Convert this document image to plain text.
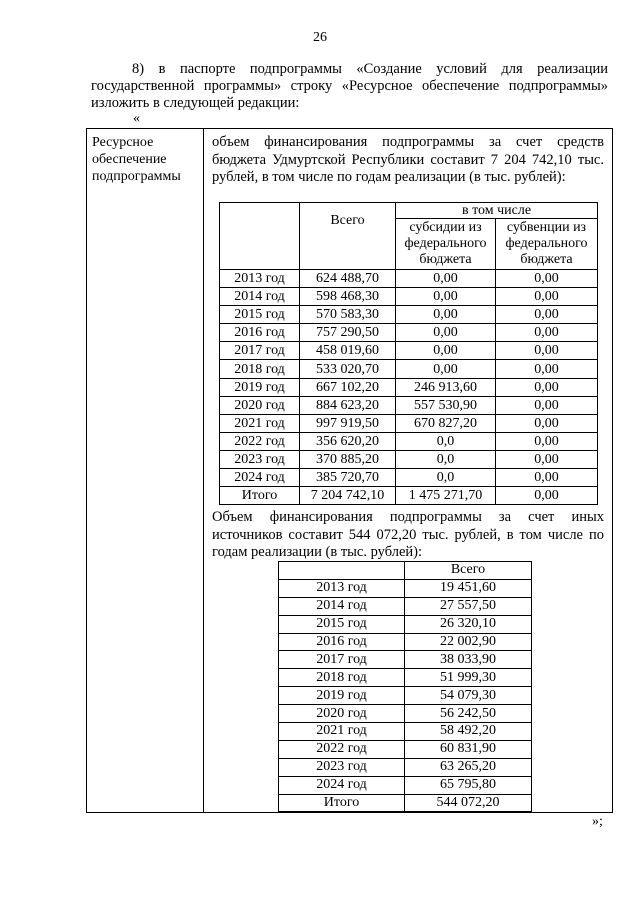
26
8) в паспорте подпрограммы «Создание условий для реализации государственной программы» строку «Ресурсное обеспечение подпрограммы» изложить в следующей редакции:
«
Ресурсное обеспечение подпрограммы
объем финансирования подпрограммы за счет средств бюджета Удмуртской Республики составит 7 204 742,10 тыс. рублей, в том числе по годам реализации (в тыс. рублей):
	Всего	в том числе	
		субсидии из федерального бюджета	субвенции из федерального бюджета
2013 год	624 488,70	0,00	0,00
2014 год	598 468,30	0,00	0,00
2015 год	570 583,30	0,00	0,00
2016 год	757 290,50	0,00	0,00
2017 год	458 019,60	0,00	0,00
2018 год	533 020,70	0,00	0,00
2019 год	667 102,20	246 913,60	0,00
2020 год	884 623,20	557 530,90	0,00
2021 год	997 919,50	670 827,20	0,00
2022 год	356 620,20	0,0	0,00
2023 год	370 885,20	0,0	0,00
2024 год	385 720,70	0,0	0,00
Итого	7 204 742,10	1 475 271,70	0,00
Объем финансирования подпрограммы за счет иных источников составит 544 072,20 тыс. рублей, в том числе по годам реализации (в тыс. рублей):
	Всего
2013 год	19 451,60
2014 год	27 557,50
2015 год	26 320,10
2016 год	22 002,90
2017 год	38 033,90
2018 год	51 999,30
2019 год	54 079,30
2020 год	56 242,50
2021 год	58 492,20
2022 год	60 831,90
2023 год	63 265,20
2024 год	65 795,80
Итого	544 072,20
»;
